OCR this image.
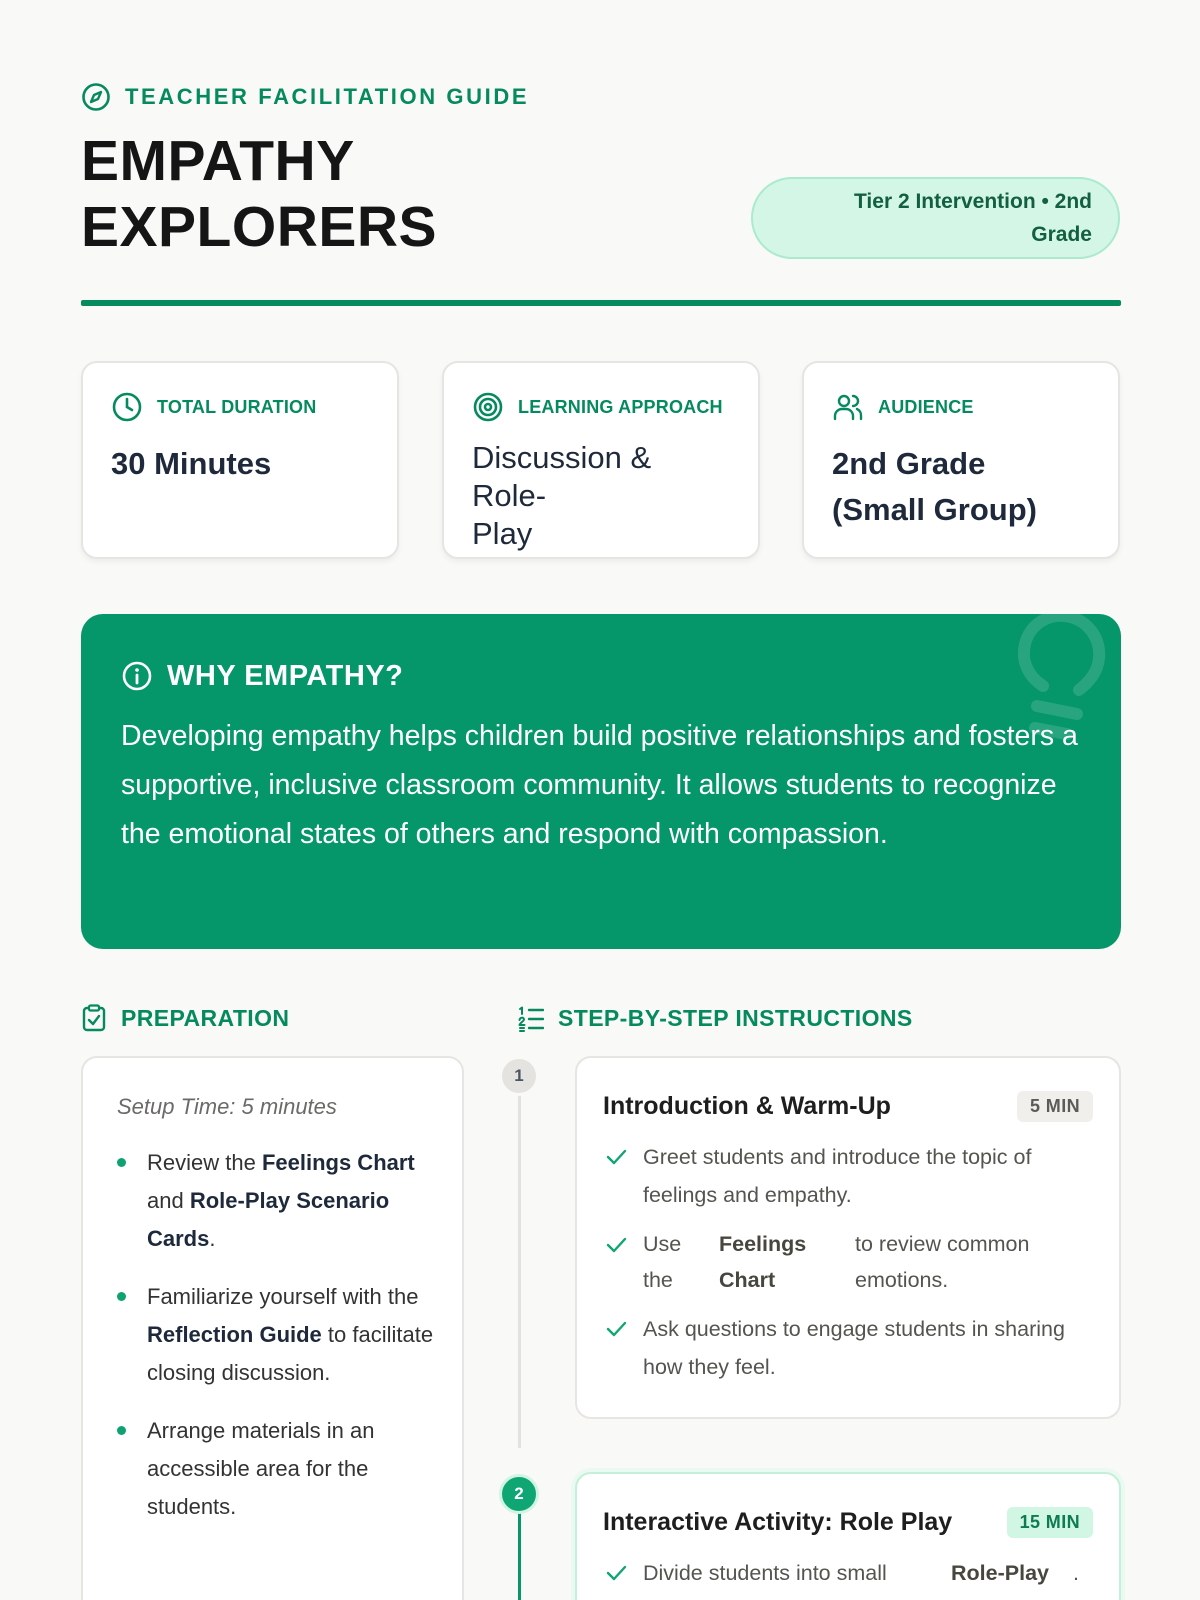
TEACHER FACILITATION GUIDE
EMPATHY
EXPLORERS	Tier 2 Intervention • 2nd
Grade
TOTAL DURATION
30 Minutes
LEARNING APPROACH
Discussion & Role-
Play
AUDIENCE
2nd Grade
(Small Group)
WHY EMPATHY?

Developing empathy helps children build positive relationships and fosters a supportive, inclusive classroom community. It allows students to recognize the emotional states of others and respond with compassion.

PREPARATION	STEP-BY-STEP INSTRUCTIONS
Setup Time: 5 minutes
Review the Feelings Chart and Role-Play Scenario Cards.
Familiarize yourself with the Reflection Guide to facilitate closing discussion.
Arrange materials in an accessible area for the students.
1
2
Introduction & Warm-Up	5 MIN
Greet students and introduce the topic of feelings and empathy.
Use the
Feelings Chart
to review common emotions.
Ask questions to engage students in sharing how they feel.
Interactive Activity: Role Play	15 MIN
Divide students into small	Role-Play	.
